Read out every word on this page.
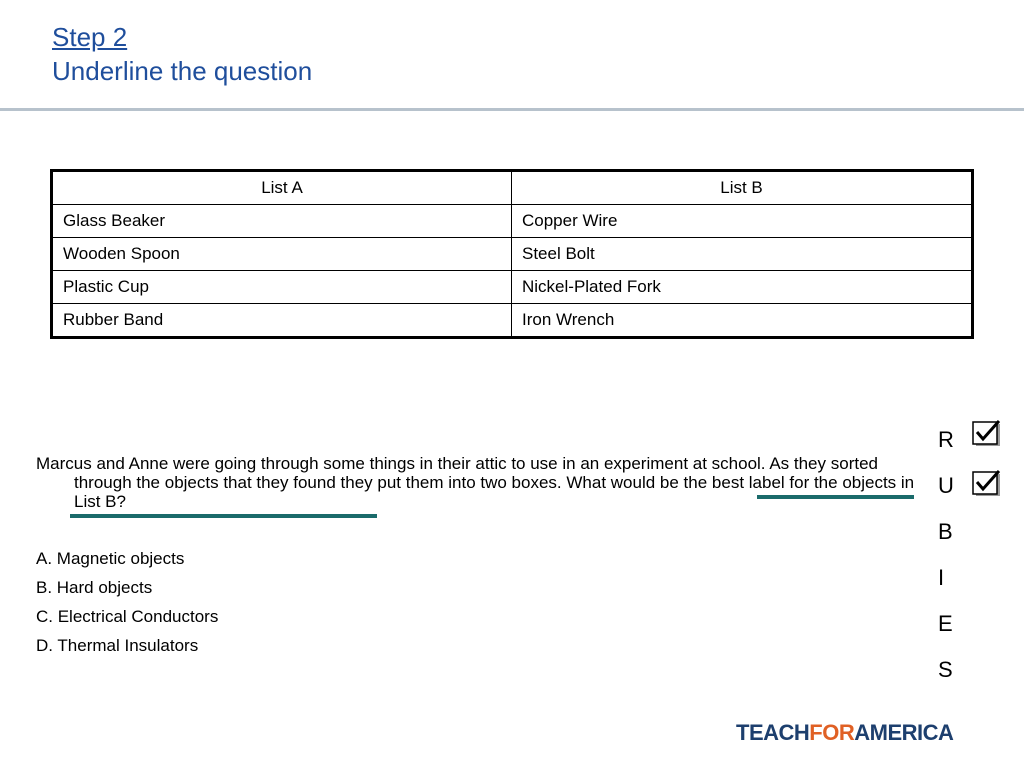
Step 2
Underline the question
List A	List B
Glass Beaker	Copper Wire
Wooden Spoon	Steel Bolt
Plastic Cup	Nickel-Plated Fork
Rubber Band	Iron Wrench
Marcus and Anne were going through some things in their attic to use in an experiment at school. As they sorted through the objects that they found they put them into two boxes. What would be the best label for the objects in List B?
A. Magnetic objects
B. Hard objects
C. Electrical Conductors
D. Thermal Insulators
R
U
B
I
E
S
TEACHFORAMERICA
